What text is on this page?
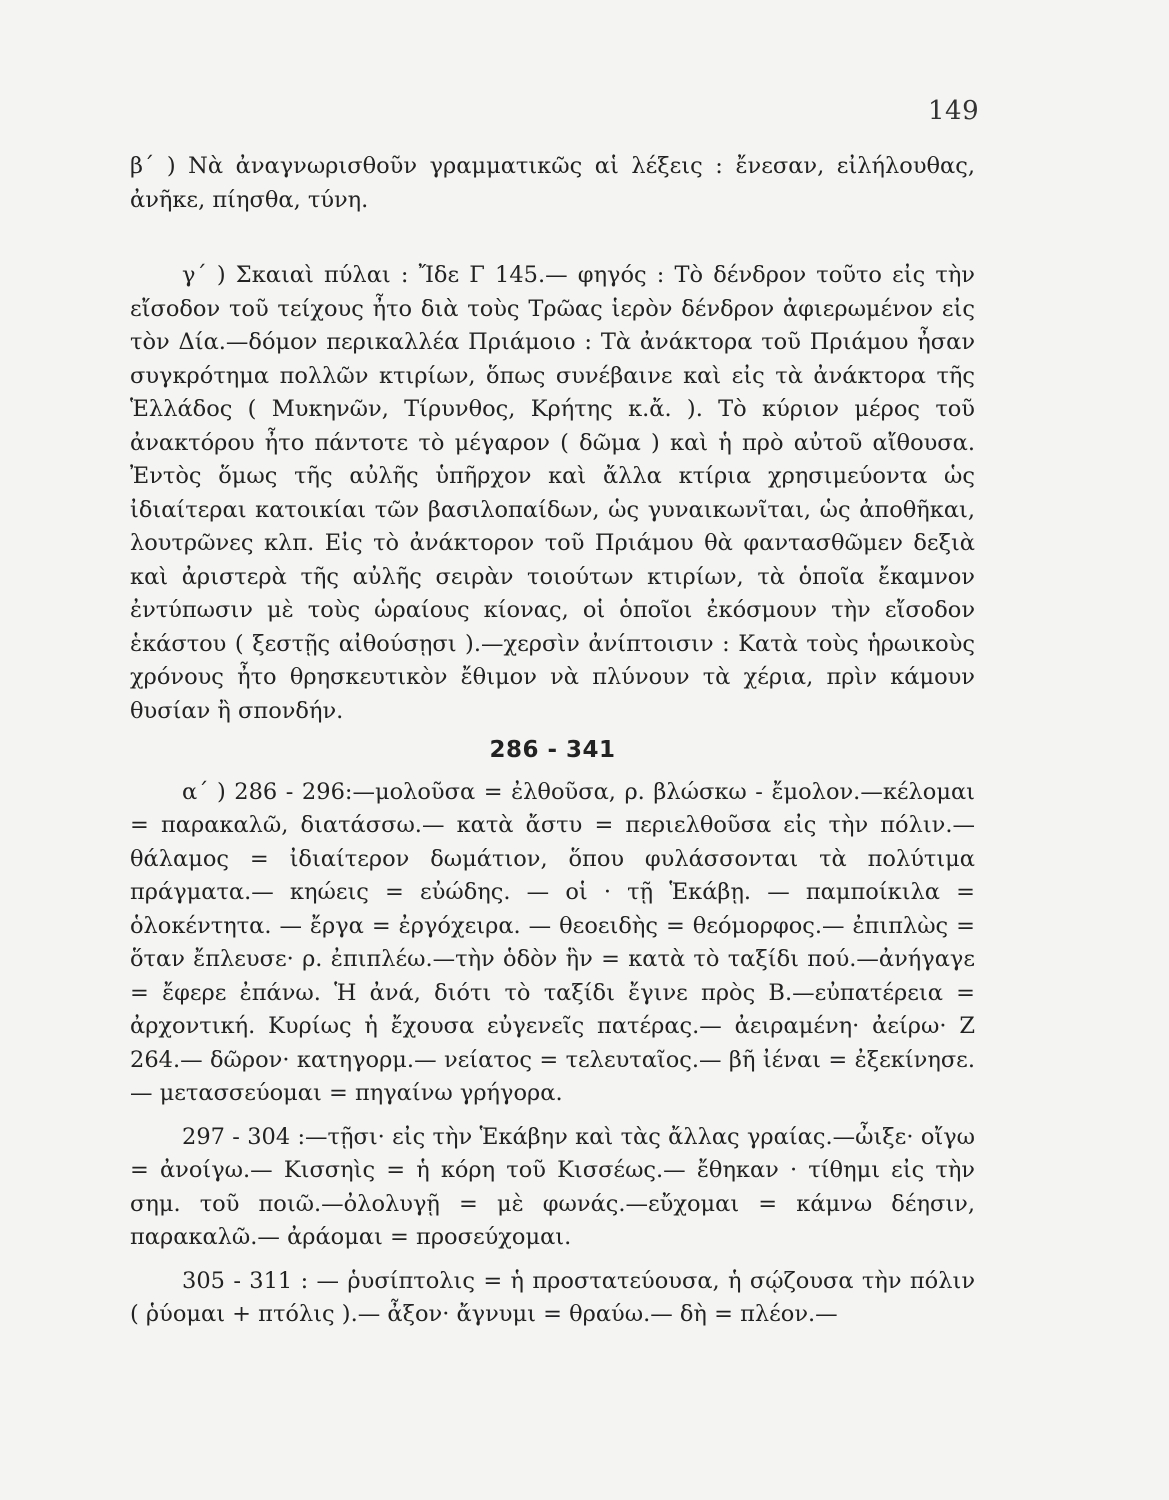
149

β΄ ) Νὰ ἀναγνωρισθοῦν γραμματικῶς αἱ λέξεις : ἔνεσαν, εἰλήλουθας, ἀνῆκε, πίησθα, τύνη.

γ΄ ) Σκαιαὶ πύλαι : Ἴδε Γ 145.— φηγός : Τὸ δένδρον τοῦτο εἰς τὴν εἴσοδον τοῦ τείχους ἦτο διὰ τοὺς Τρῶας ἱερὸν δένδρον ἀφιερωμένον εἰς τὸν Δία.—δόμον περικαλλέα Πριάμοιο : Τὰ ἀνάκτορα τοῦ Πριάμου ἦσαν συγκρότημα πολλῶν κτιρίων, ὅπως συνέβαινε καὶ εἰς τὰ ἀνάκτορα τῆς Ἑλλάδος ( Μυκηνῶν, Τίρυνθος, Κρήτης κ.ἄ. ). Τὸ κύριον μέρος τοῦ ἀνακτόρου ἦτο πάντοτε τὸ μέγαρον ( δῶμα ) καὶ ἡ πρὸ αὐτοῦ αἴθουσα. Ἐντὸς ὅμως τῆς αὐλῆς ὑπῆρχον καὶ ἄλλα κτίρια χρησιμεύοντα ὡς ἰδιαίτεραι κατοικίαι τῶν βασιλοπαίδων, ὡς γυναικωνῖται, ὡς ἀποθῆκαι, λουτρῶνες κλπ. Εἰς τὸ ἀνάκτορον τοῦ Πριάμου θὰ φαντασθῶμεν δεξιὰ καὶ ἀριστερὰ τῆς αὐλῆς σειρὰν τοιούτων κτιρίων, τὰ ὁποῖα ἔκαμνον ἐντύπωσιν μὲ τοὺς ὡραίους κίονας, οἱ ὁποῖοι ἐκόσμουν τὴν εἴσοδον ἑκάστου ( ξεστῇς αἰθούσῃσι ).—χερσὶν ἀνίπτοισιν : Κατὰ τοὺς ἡρωικοὺς χρόνους ἦτο θρησκευτικὸν ἔθιμον νὰ πλύνουν τὰ χέρια, πρὶν κάμουν θυσίαν ἢ σπονδήν.

286 - 341

α΄ ) 286 - 296:—μολοῦσα = ἐλθοῦσα, ρ. βλώσκω - ἔμολον.—κέλομαι = παρακαλῶ, διατάσσω.— κατὰ ἄστυ = περιελθοῦσα εἰς τὴν πόλιν.—θάλαμος = ἰδιαίτερον δωμάτιον, ὅπου φυλάσσονται τὰ πολύτιμα πράγματα.— κηώεις = εὐώδης. — οἱ · τῇ Ἑκάβῃ. — παμποίκιλα = ὁλοκέντητα. — ἔργα = ἐργόχειρα. — θεοειδὴς = θεόμορφος.— ἐπιπλὼς = ὅταν ἔπλευσε· ρ. ἐπιπλέω.—τὴν ὁδὸν ἣν = κατὰ τὸ ταξίδι πού.—ἀνήγαγε = ἔφερε ἐπάνω. Ἡ ἀνά, διότι τὸ ταξίδι ἔγινε πρὸς Β.—εὐπατέρεια = ἀρχοντική. Κυρίως ἡ ἔχουσα εὐγενεῖς πατέρας.— ἀειραμένη· ἀείρω· Ζ 264.— δῶρον· κατηγορμ.— νείατος = τελευταῖος.— βῆ ἰέναι = ἐξεκίνησε.— μετασσεύομαι = πηγαίνω γρήγορα.

297 - 304 :—τῇσι· εἰς τὴν Ἑκάβην καὶ τὰς ἄλλας γραίας.—ὦιξε· οἴγω = ἀνοίγω.— Κισσηὶς = ἡ κόρη τοῦ Κισσέως.— ἔθηκαν · τίθημι εἰς τὴν σημ. τοῦ ποιῶ.—ὀλολυγῇ = μὲ φωνάς.—εὔχομαι = κάμνω δέησιν, παρακαλῶ.— ἀράομαι = προσεύχομαι.

305 - 311 : — ῥυσίπτολις = ἡ προστατεύουσα, ἡ σῴζουσα τὴν πόλιν ( ῥύομαι + πτόλις ).— ἆξον· ἄγνυμι = θραύω.— δὴ = πλέον.—
